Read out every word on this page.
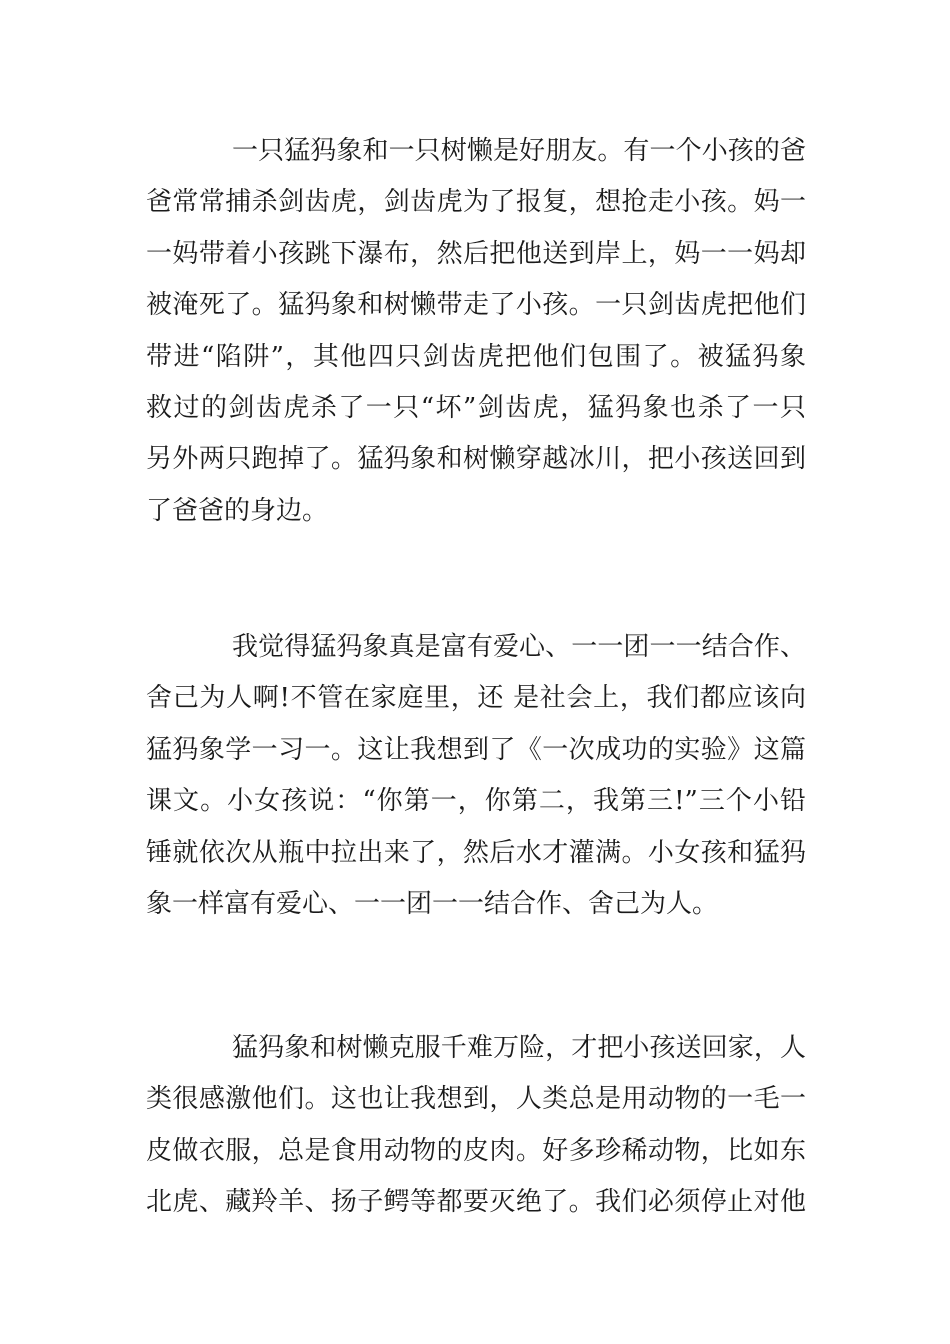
一只猛犸象和一只树懒是好朋友。有一个小孩的爸
爸常常捕杀剑齿虎，剑齿虎为了报复，想抢走小孩。妈一
一妈带着小孩跳下瀑布，然后把他送到岸上，妈一一妈却
被淹死了。猛犸象和树懒带走了小孩。一只剑齿虎把他们
带进“陷阱”，其他四只剑齿虎把他们包围了。被猛犸象
救过的剑齿虎杀了一只“坏”剑齿虎，猛犸象也杀了一只
另外两只跑掉了。猛犸象和树懒穿越冰川，把小孩送回到
了爸爸的身边。
我觉得猛犸象真是富有爱心、一一团一一结合作、
舍己为人啊!不管在家庭里，还 是社会上，我们都应该向
猛犸象学一习一。这让我想到了《一次成功的实验》这篇
课文。小女孩说：“你第一，你第二，我第三!”三个小铅
锤就依次从瓶中拉出来了，然后水才灌满。小女孩和猛犸
象一样富有爱心、一一团一一结合作、舍己为人。
猛犸象和树懒克服千难万险，才把小孩送回家，人
类很感激他们。这也让我想到，人类总是用动物的一毛一
皮做衣服，总是食用动物的皮肉。好多珍稀动物，比如东
北虎、藏羚羊、扬子鳄等都要灭绝了。我们必须停止对他
